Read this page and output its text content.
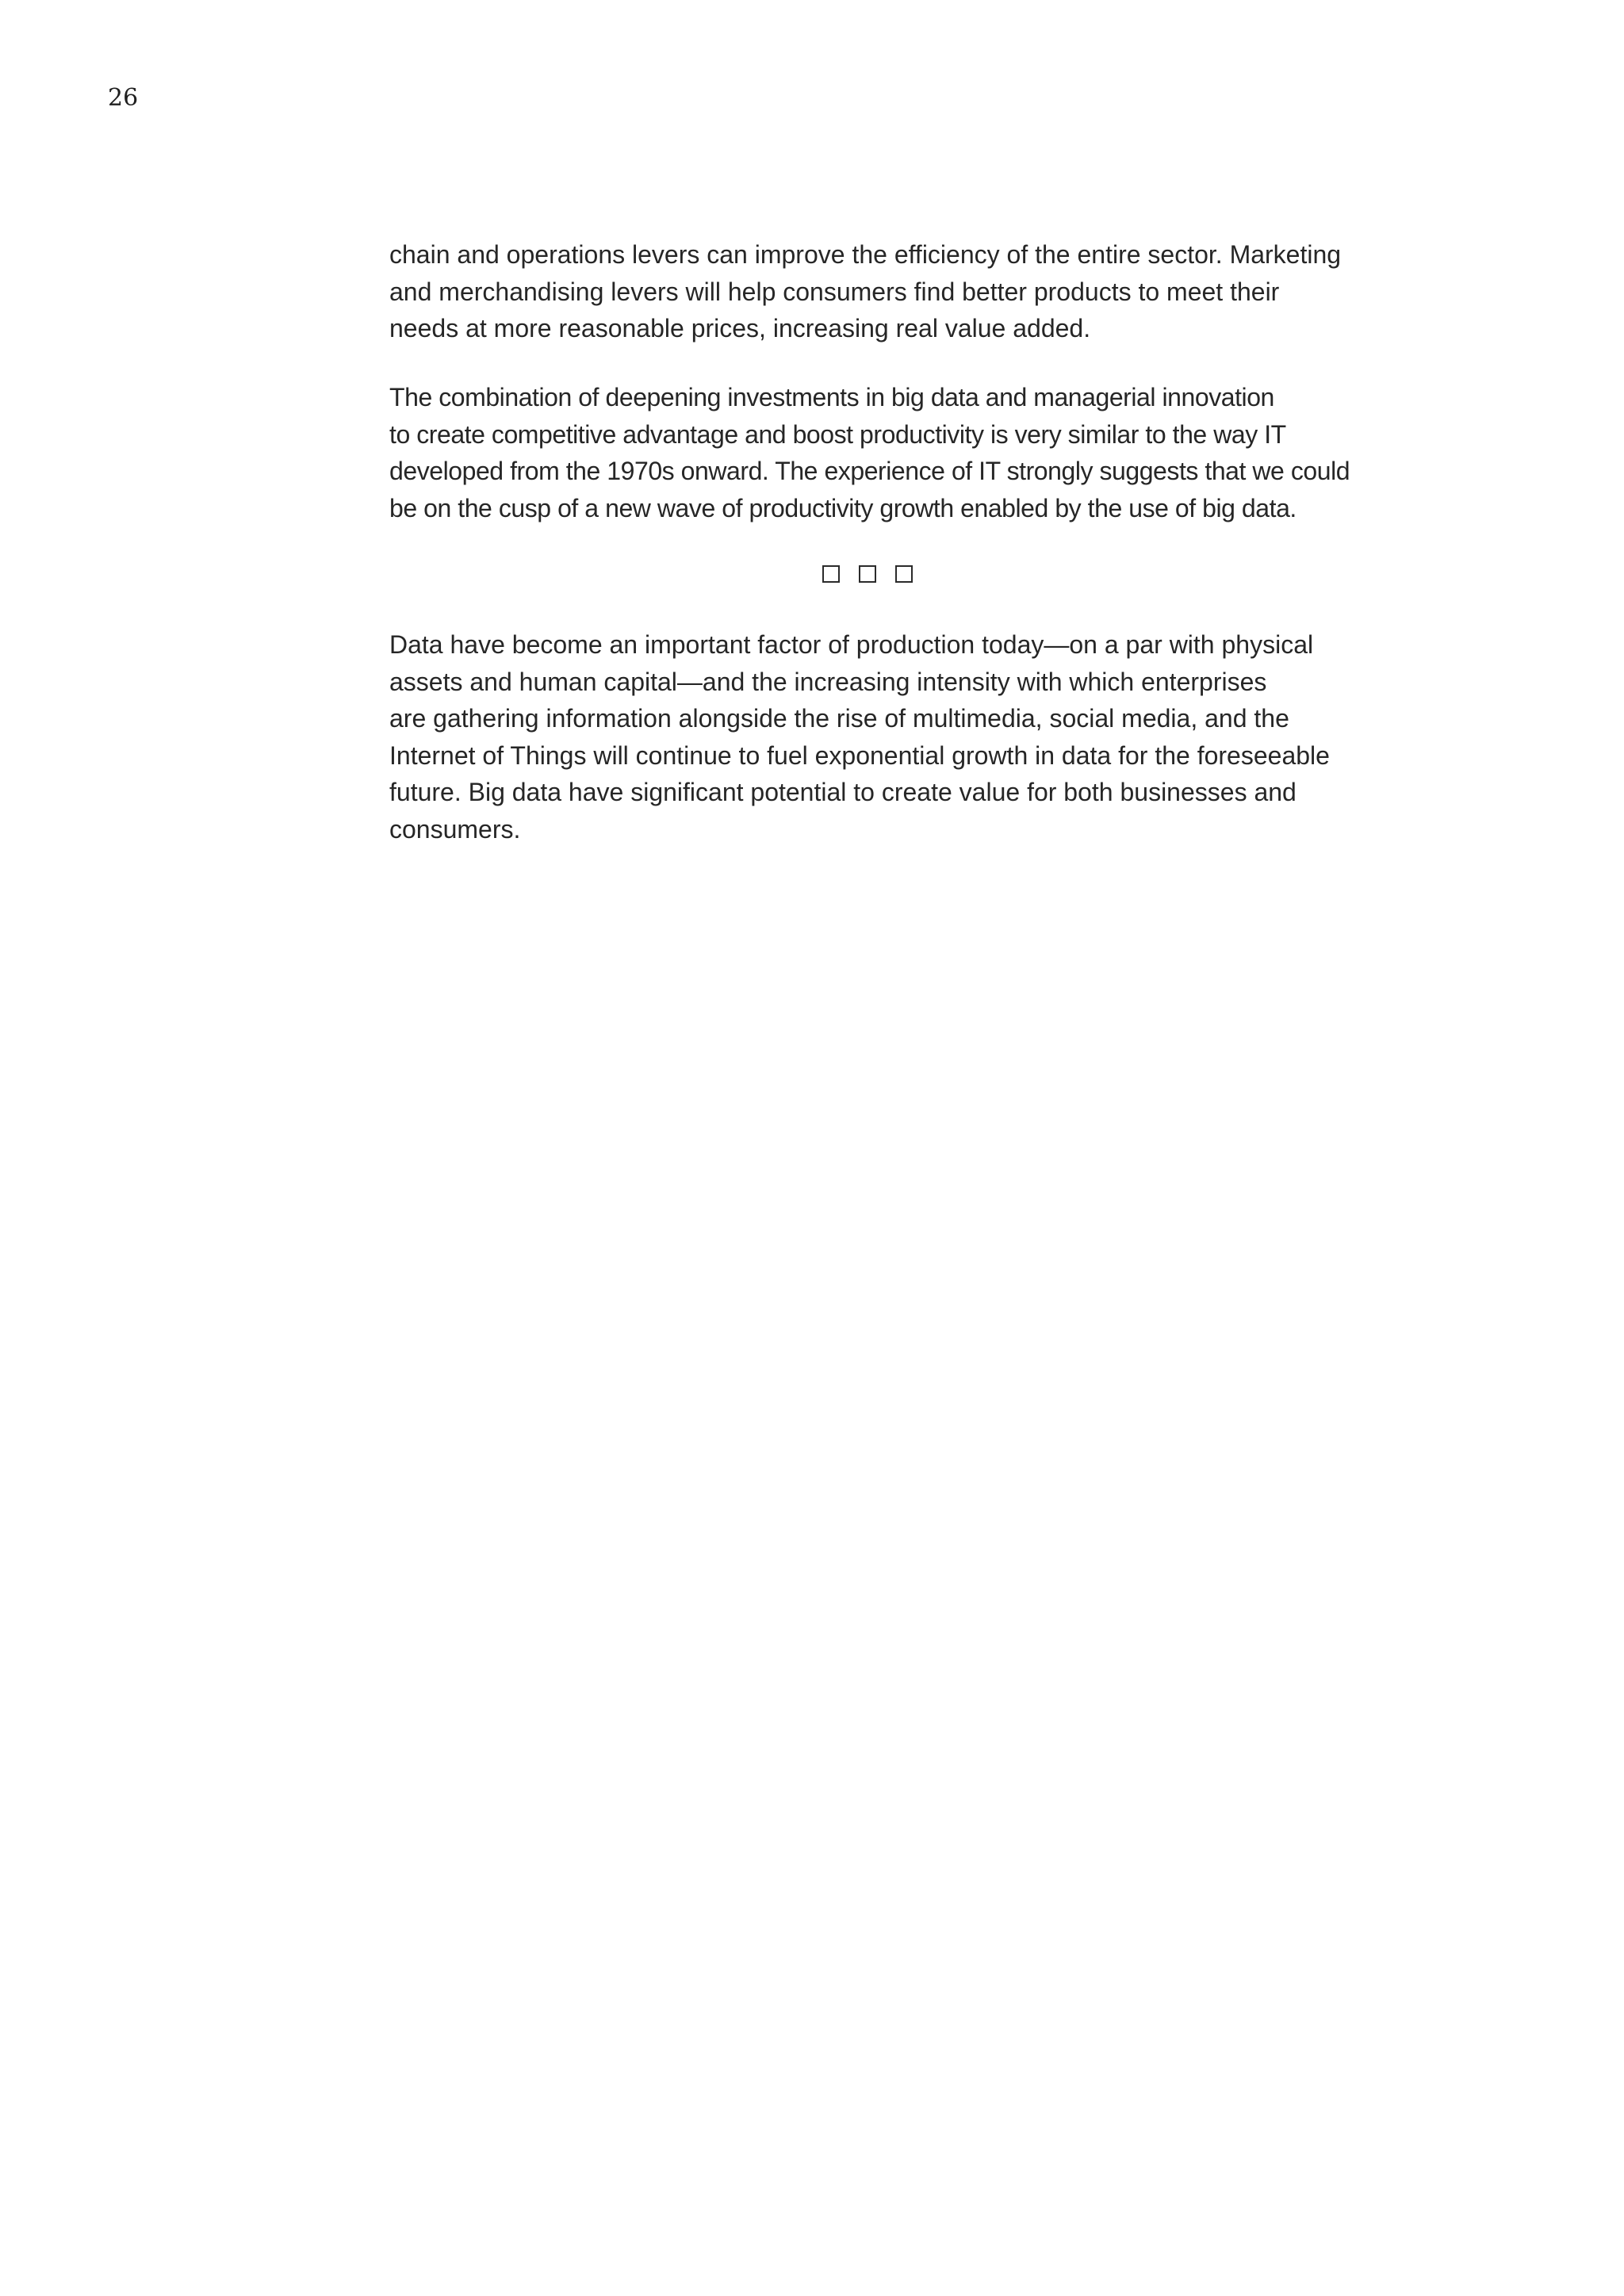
26

chain and operations levers can improve the efficiency of the entire sector. Marketing

and merchandising levers will help consumers find better products to meet their

needs at more reasonable prices, increasing real value added.

The combination of deepening investments in big data and managerial innovation

to create competitive advantage and boost productivity is very similar to the way IT

developed from the 1970s onward. The experience of IT strongly suggests that we could

be on the cusp of a new wave of productivity growth enabled by the use of big data.

Data have become an important factor of production today—on a par with physical

assets and human capital—and the increasing intensity with which enterprises

are gathering information alongside the rise of multimedia, social media, and the

Internet of Things will continue to fuel exponential growth in data for the foreseeable

future. Big data have significant potential to create value for both businesses and

consumers.
